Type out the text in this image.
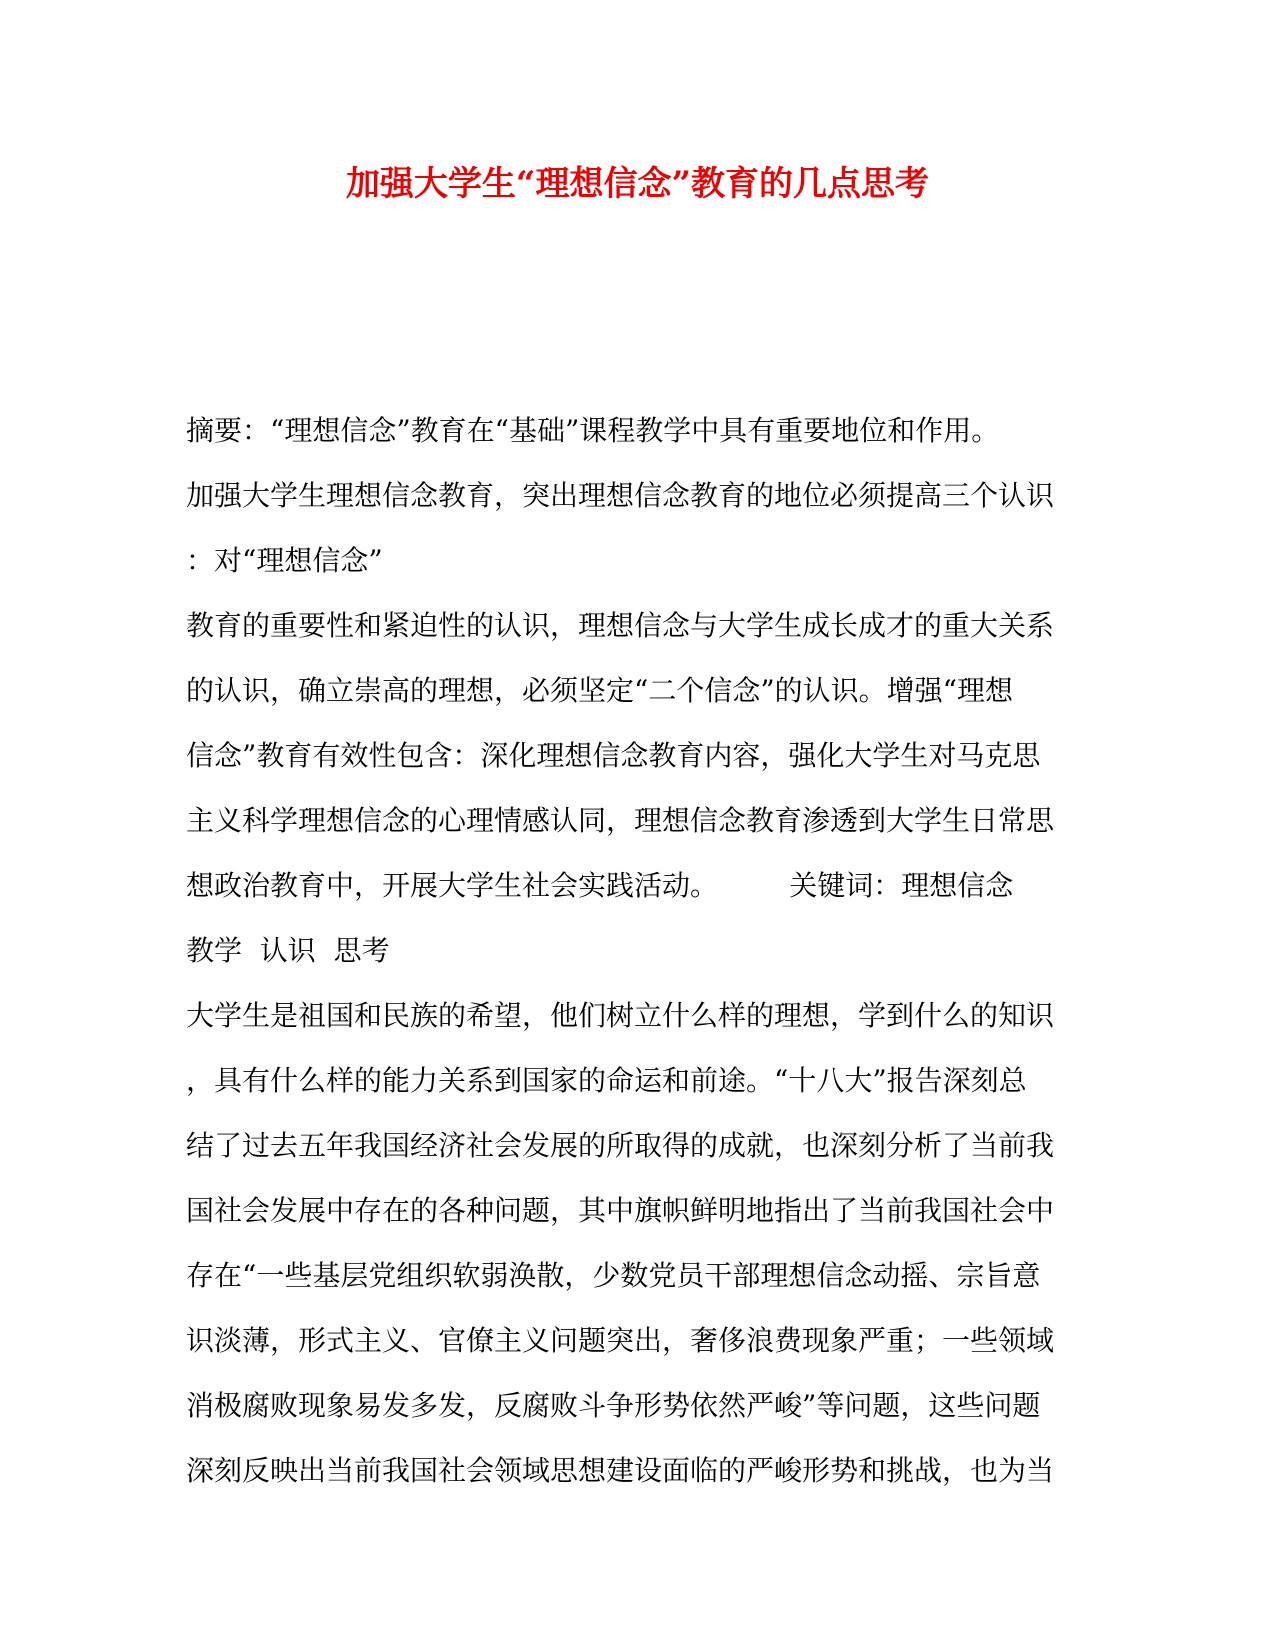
加强大学生“理想信念”教育的几点思考

摘要：“理想信念”教育在“基础”课程教学中具有重要地位和作用。

加强大学生理想信念教育，突出理想信念教育的地位必须提高三个认识

：对“理想信念”

教育的重要性和紧迫性的认识，理想信念与大学生成长成才的重大关系

的认识，确立崇高的理想，必须坚定“二个信念”的认识。增强“理想

信念”教育有效性包含：深化理想信念教育内容，强化大学生对马克思

主义科学理想信念的心理情感认同，理想信念教育渗透到大学生日常思

想政治教育中，开展大学生社会实践活动。        关键词：理想信念

教学  认识  思考

大学生是祖国和民族的希望，他们树立什么样的理想，学到什么的知识

，具有什么样的能力关系到国家的命运和前途。“十八大”报告深刻总

结了过去五年我国经济社会发展的所取得的成就，也深刻分析了当前我

国社会发展中存在的各种问题，其中旗帜鲜明地指出了当前我国社会中

存在“一些基层党组织软弱涣散，少数党员干部理想信念动摇、宗旨意

识淡薄，形式主义、官僚主义问题突出，奢侈浪费现象严重；一些领域

消极腐败现象易发多发，反腐败斗争形势依然严峻”等问题，这些问题

深刻反映出当前我国社会领域思想建设面临的严峻形势和挑战，也为当
